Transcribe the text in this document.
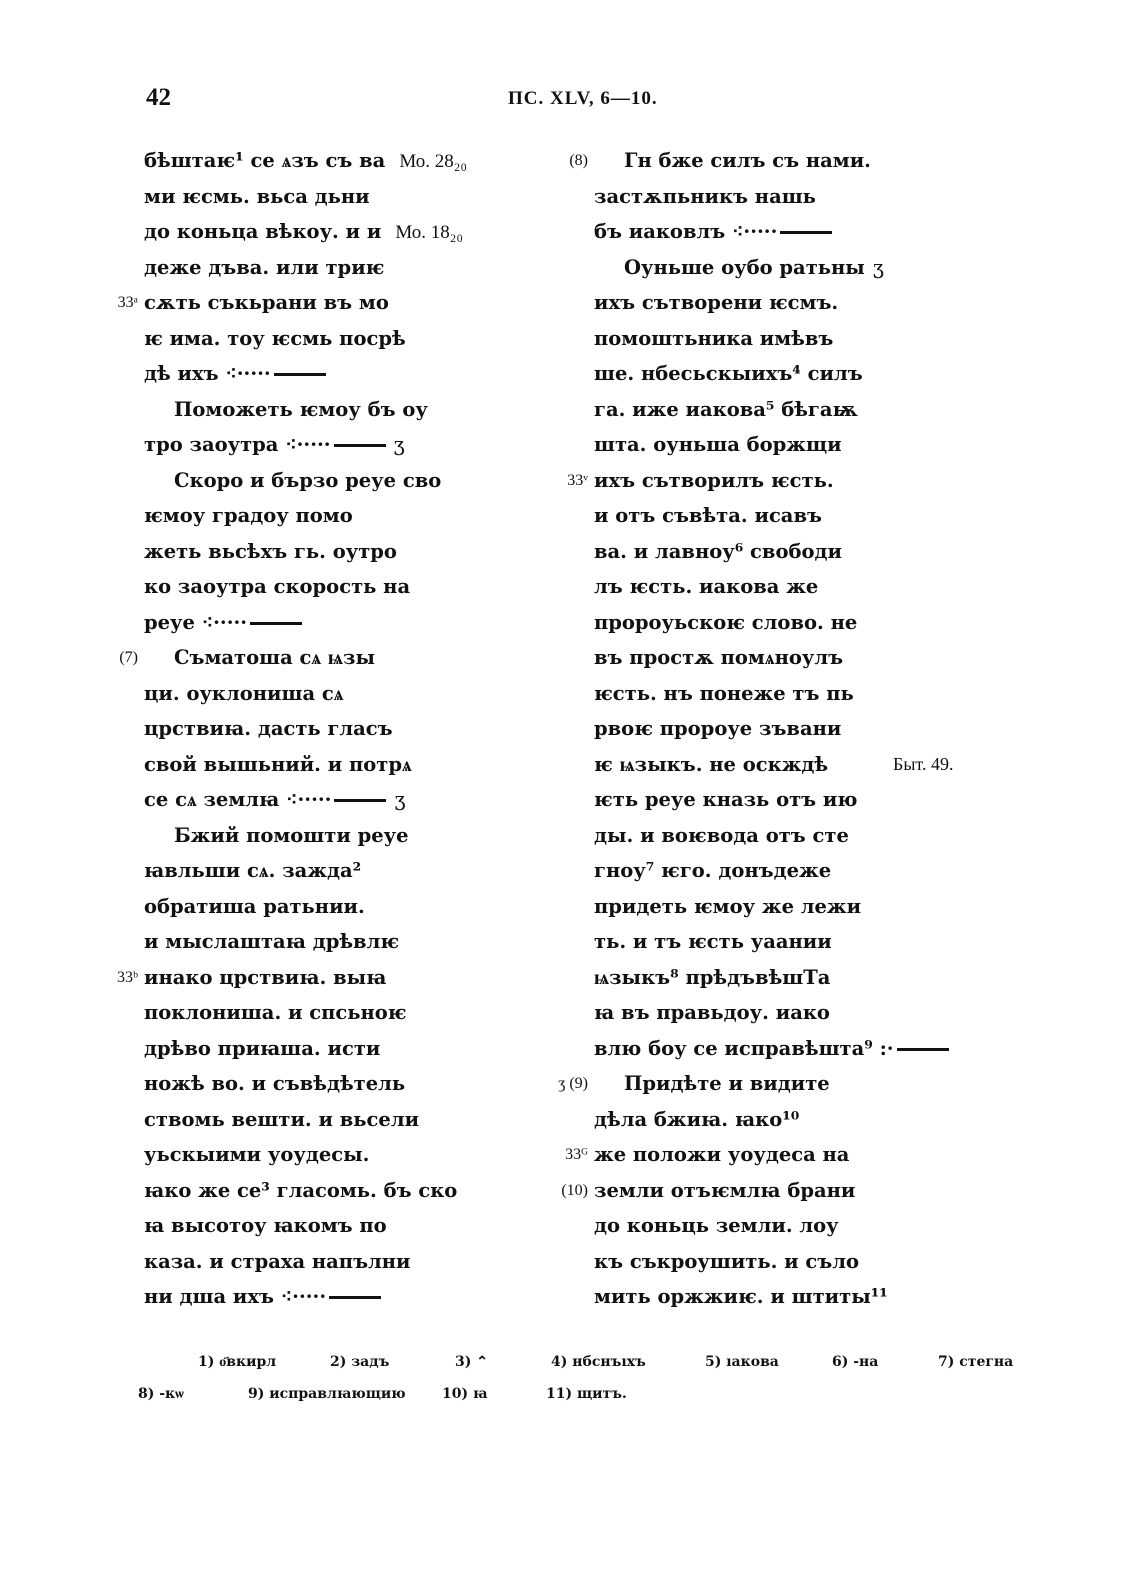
42	ПС. XLV, 6—10.
бѣштаѥ¹ се ѧзъ съ ва Мо. 28₂₀
ми ѥсмь. вьса дьни
до коньца вѣкоу. и и Мо. 18₂₀
деже дъва. или триѥ
33ᵃ сѫть съкьрани въ мо
ѥ има. тоу ѥсмь посрѣ
дѣ ихъ ⁖·····
Поможеть ѥмоу бъ оу
тро заоутра ⁖·····	ʒ
Скоро и бързо реуе сво
ѥмоу градоу помо
жеть вьсѣхъ гь. оутро
ко заоутра скорость на
реуе ⁖·····
(7) Съматоша сѧ ѩзы
ци. оуклониша сѧ
црствиꙗ. дасть гласъ
свой вышьний. и потрѧ
се сѧ землꙗ ⁖·····	ʒ
Бжий помошти реуе
ꙗвльши сѧ. зажда²
обратиша ратьнии.
и мыслаштаꙗ дрѣвлѥ
33ᵇ инако црствиꙗ. выꙗ
поклониша. и спсьноѥ
дрѣво приꙗша. исти
ножѣ во. и съвѣдѣтель
ствомь вешти. и вьсели
уьскыими уоудесы.
ꙗко же се³ гласомь. бъ ско
ꙗ высотоу ꙗкомъ по
каза. и страха напълни
ни дша ихъ ⁖·····
(8) Гн бже силъ съ нами.
застѫпьникъ нашь
бъ иаковлъ ⁖·····
Оуньше оубо ратьны ʒ
ихъ сътворени ѥсмъ.
помоштьника имѣвъ
ше. нбесьскыихъ⁴ силъ
га. иже иакова⁵ бѣгаѭ
шта. оуньша боржщи
33ᵛ ихъ сътворилъ ѥсть.
и отъ съвѣта. исавъ
ва. и лавноу⁶ свободи
лъ ѥсть. иакова же
пророуьскоѥ слово. не
въ простѫ помѧноулъ
ѥсть. нъ понеже тъ пь
рвоѥ пророуе зъвани
ѥ ѩзыкъ. не оскждѣ	Быт. 49.
ѥть реуе кназь отъ ию
ды. и воѥвода отъ сте
гноу⁷ ѥго. донъдеже
придеть ѥмоу же лежи
ть. и тъ ѥсть уаании
ѩзыкъ⁸ прѣдъвѣшТа
ꙗ въ правьдоу. иако
влю боу се исправѣшта⁹ :·
ʒ (9) Придѣте и видите
дѣла бжиꙗ. ꙗко¹⁰
33ᴳ же положи уоудеса на
(10) земли отъѥмлꙗ брани
до коньць земли. лоу
къ съкроушить. и съло
мить оржжиѥ. и штиты¹¹
1) о҃вкирл	2) задъ	3) ⌃	4) нбснъıхъ	5) ıакова	6) -на	7) стегна
8) -кѡ	9) исправлꙗющию	10) ꙗ	11) щитъ.
